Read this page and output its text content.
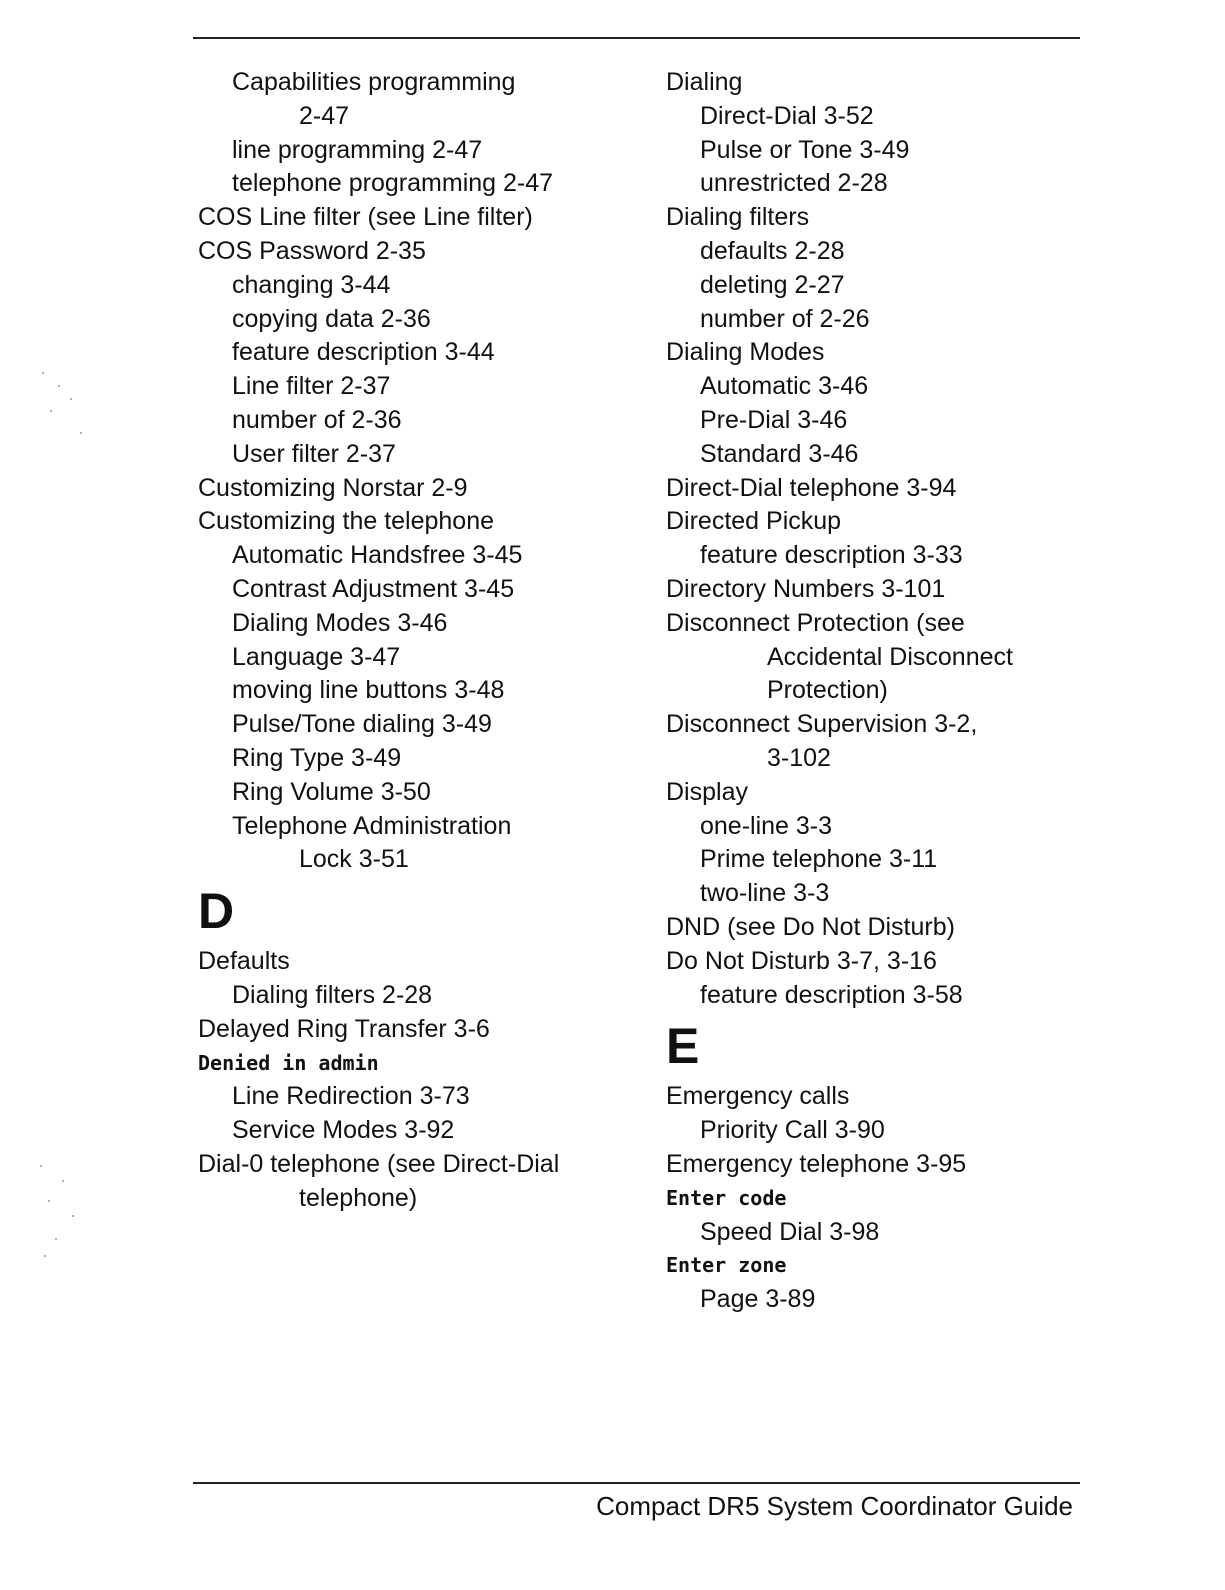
Capabilities programming
2-47
line programming 2-47
telephone programming 2-47
COS Line filter (see Line filter)
COS Password 2-35
changing 3-44
copying data 2-36
feature description 3-44
Line filter 2-37
number of 2-36
User filter 2-37
Customizing Norstar 2-9
Customizing the telephone
Automatic Handsfree 3-45
Contrast Adjustment 3-45
Dialing Modes 3-46
Language 3-47
moving line buttons 3-48
Pulse/Tone dialing 3-49
Ring Type 3-49
Ring Volume 3-50
Telephone Administration
Lock 3-51
D
Defaults
Dialing filters 2-28
Delayed Ring Transfer 3-6
Denied in admin
Line Redirection 3-73
Service Modes 3-92
Dial-0 telephone (see Direct-Dial
telephone)
Dialing
Direct-Dial 3-52
Pulse or Tone 3-49
unrestricted 2-28
Dialing filters
defaults 2-28
deleting 2-27
number of 2-26
Dialing Modes
Automatic 3-46
Pre-Dial 3-46
Standard 3-46
Direct-Dial telephone 3-94
Directed Pickup
feature description 3-33
Directory Numbers 3-101
Disconnect Protection (see
Accidental Disconnect
Protection)
Disconnect Supervision 3-2,
3-102
Display
one-line 3-3
Prime telephone 3-11
two-line 3-3
DND (see Do Not Disturb)
Do Not Disturb 3-7, 3-16
feature description 3-58
E
Emergency calls
Priority Call 3-90
Emergency telephone 3-95
Enter code
Speed Dial 3-98
Enter zone
Page 3-89
Compact DR5 System Coordinator Guide
